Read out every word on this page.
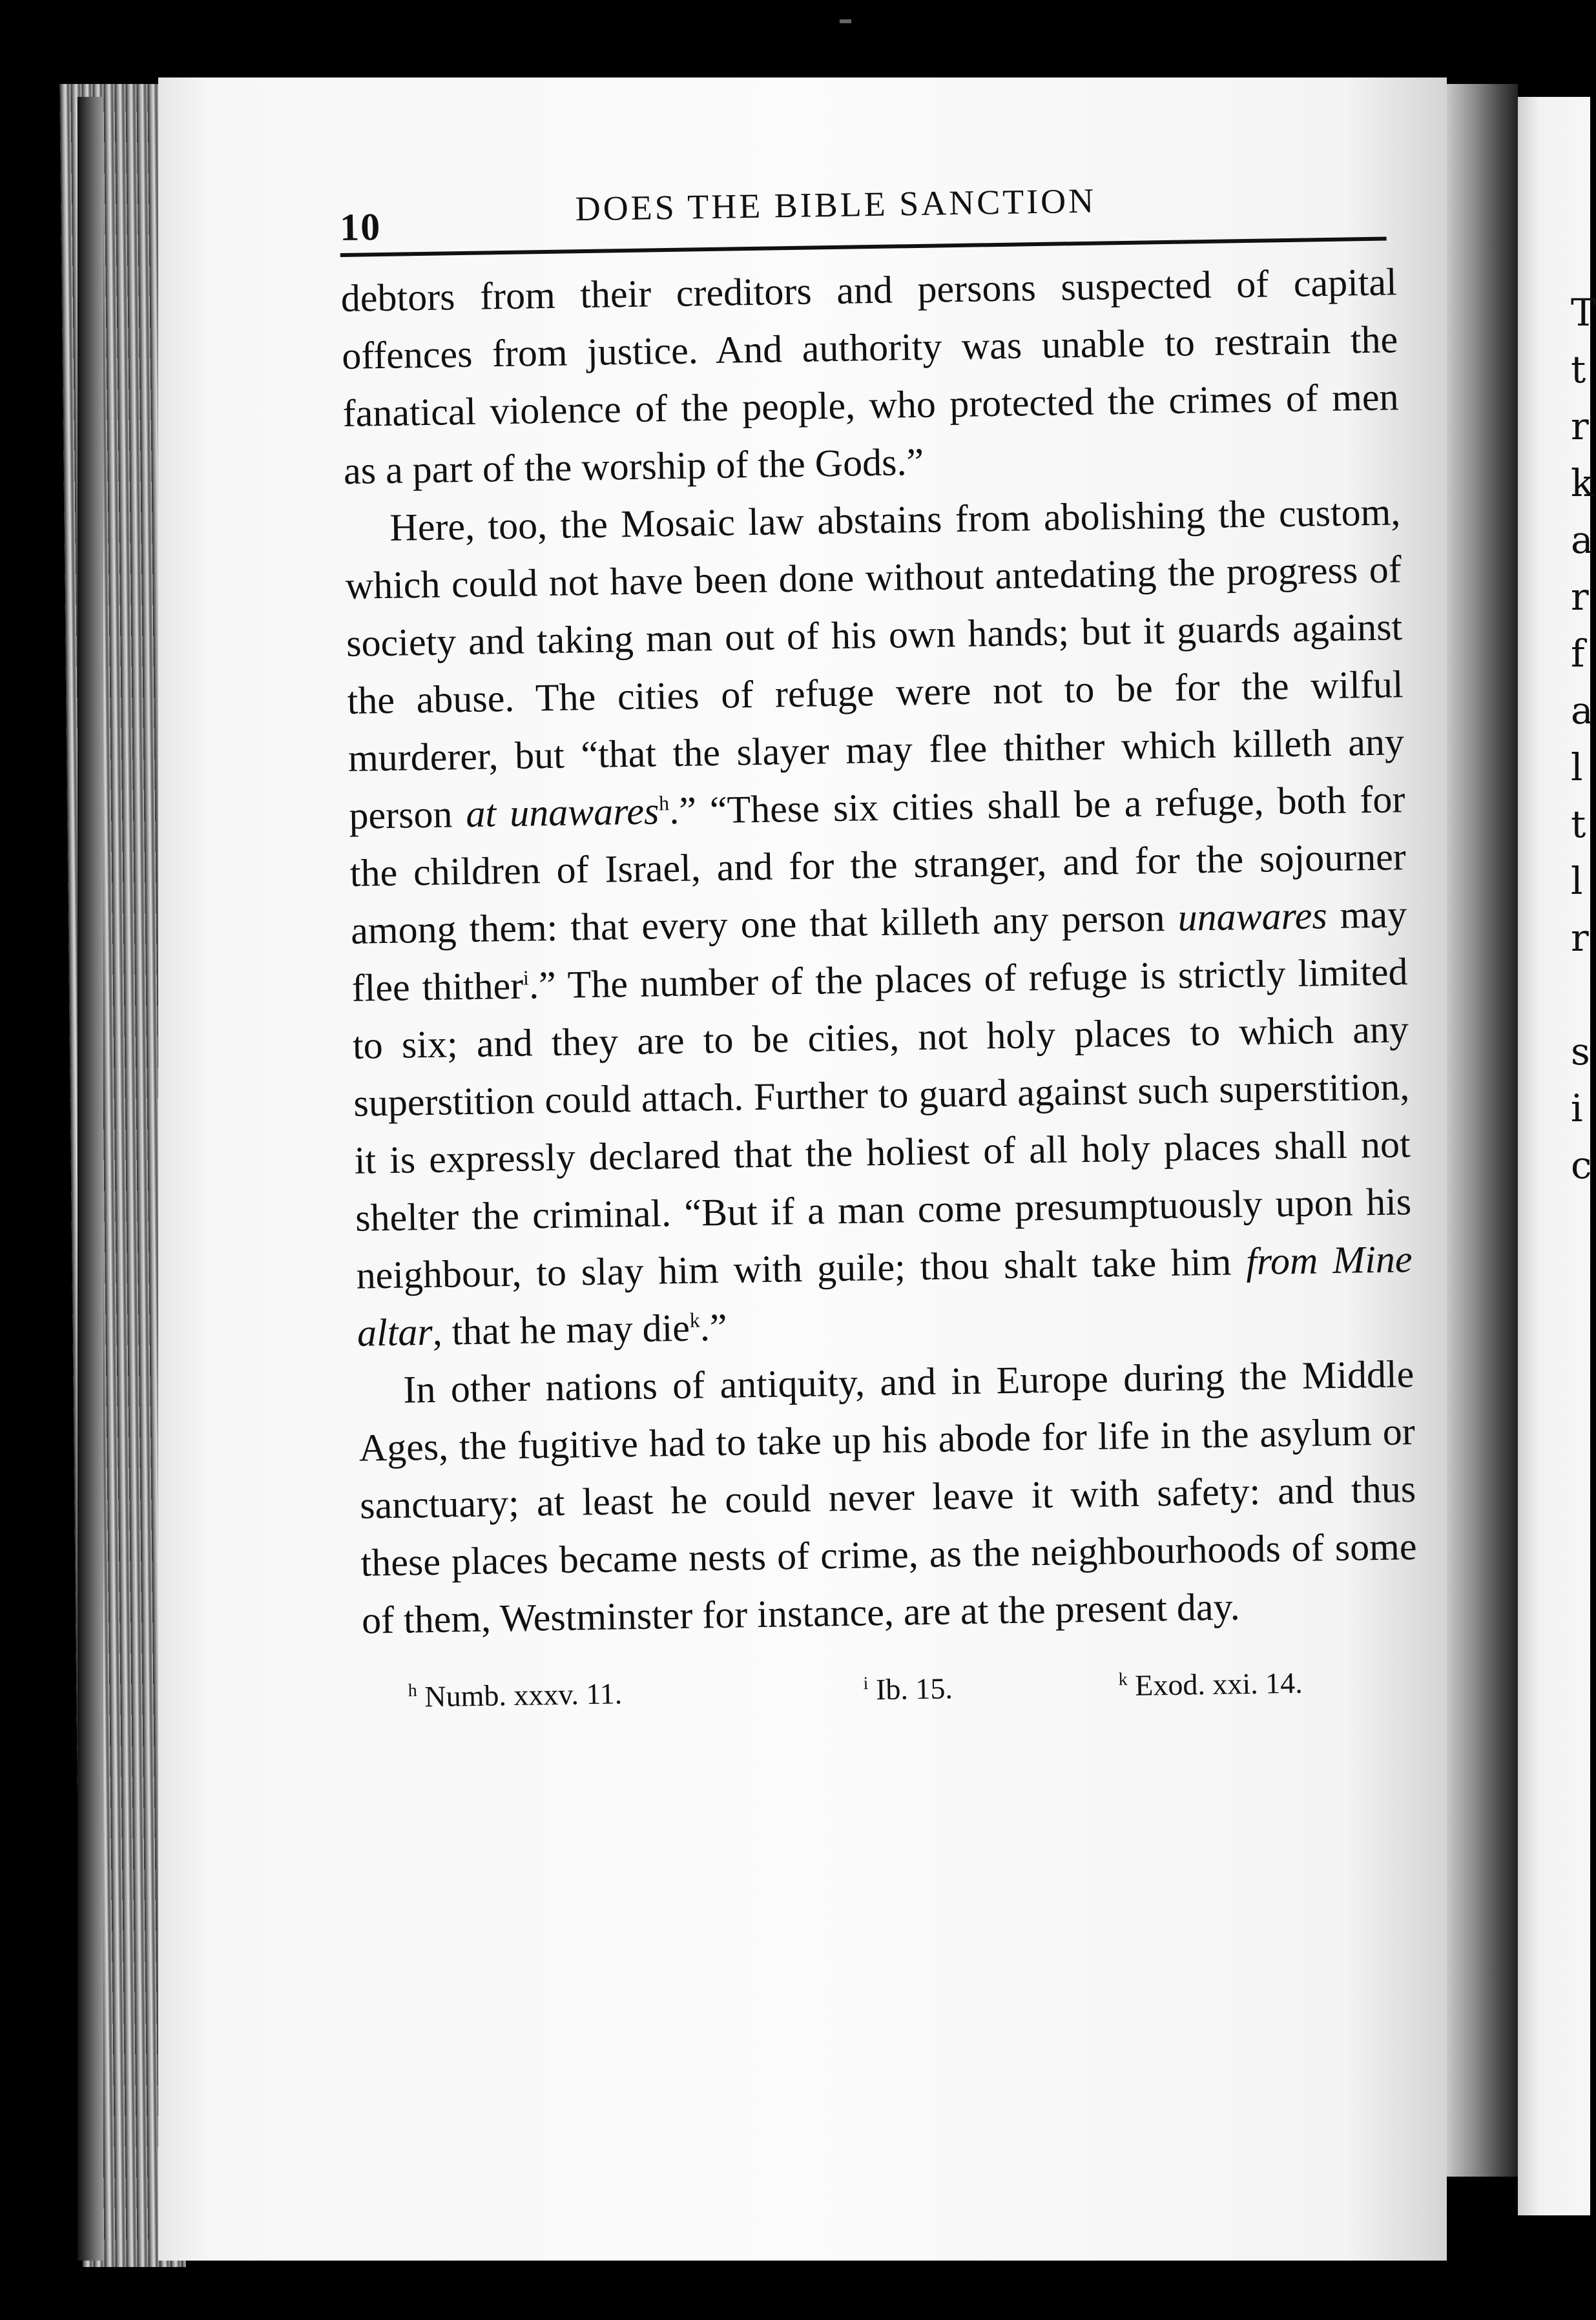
T
t
r
k
a
r
f
a
l
t
l
r
s
i
c
10	DOES THE BIBLE SANCTION

debtors from their creditors and persons suspected of capital offences from justice. And authority was unable to restrain the fanatical violence of the people, who protected the crimes of men as a part of the worship of the Gods.”

Here, too, the Mosaic law abstains from abolishing the custom, which could not have been done without antedating the progress of society and taking man out of his own hands; but it guards against the abuse. The cities of refuge were not to be for the wilful murderer, but “that the slayer may flee thither which killeth any person at unawares$^h$.” “These six cities shall be a refuge, both for the children of Israel, and for the stranger, and for the sojourner among them: that every one that killeth any person unawares may flee thither$^i$.” The number of the places of refuge is strictly limited to six; and they are to be cities, not holy places to which any superstition could attach. Further to guard against such superstition, it is expressly declared that the holiest of all holy places shall not shelter the criminal. “But if a man come presumptuously upon his neighbour, to slay him with guile; thou shalt take him from Mine altar, that he may die$^k$.”

In other nations of antiquity, and in Europe during the Middle Ages, the fugitive had to take up his abode for life in the asylum or sanctuary; at least he could never leave it with safety: and thus these places became nests of crime, as the neighbourhoods of some of them, Westminster for instance, are at the present day.

$^h$ Numb. xxxv. 11.	$^i$ Ib. 15.	$^k$ Exod. xxi. 14.
